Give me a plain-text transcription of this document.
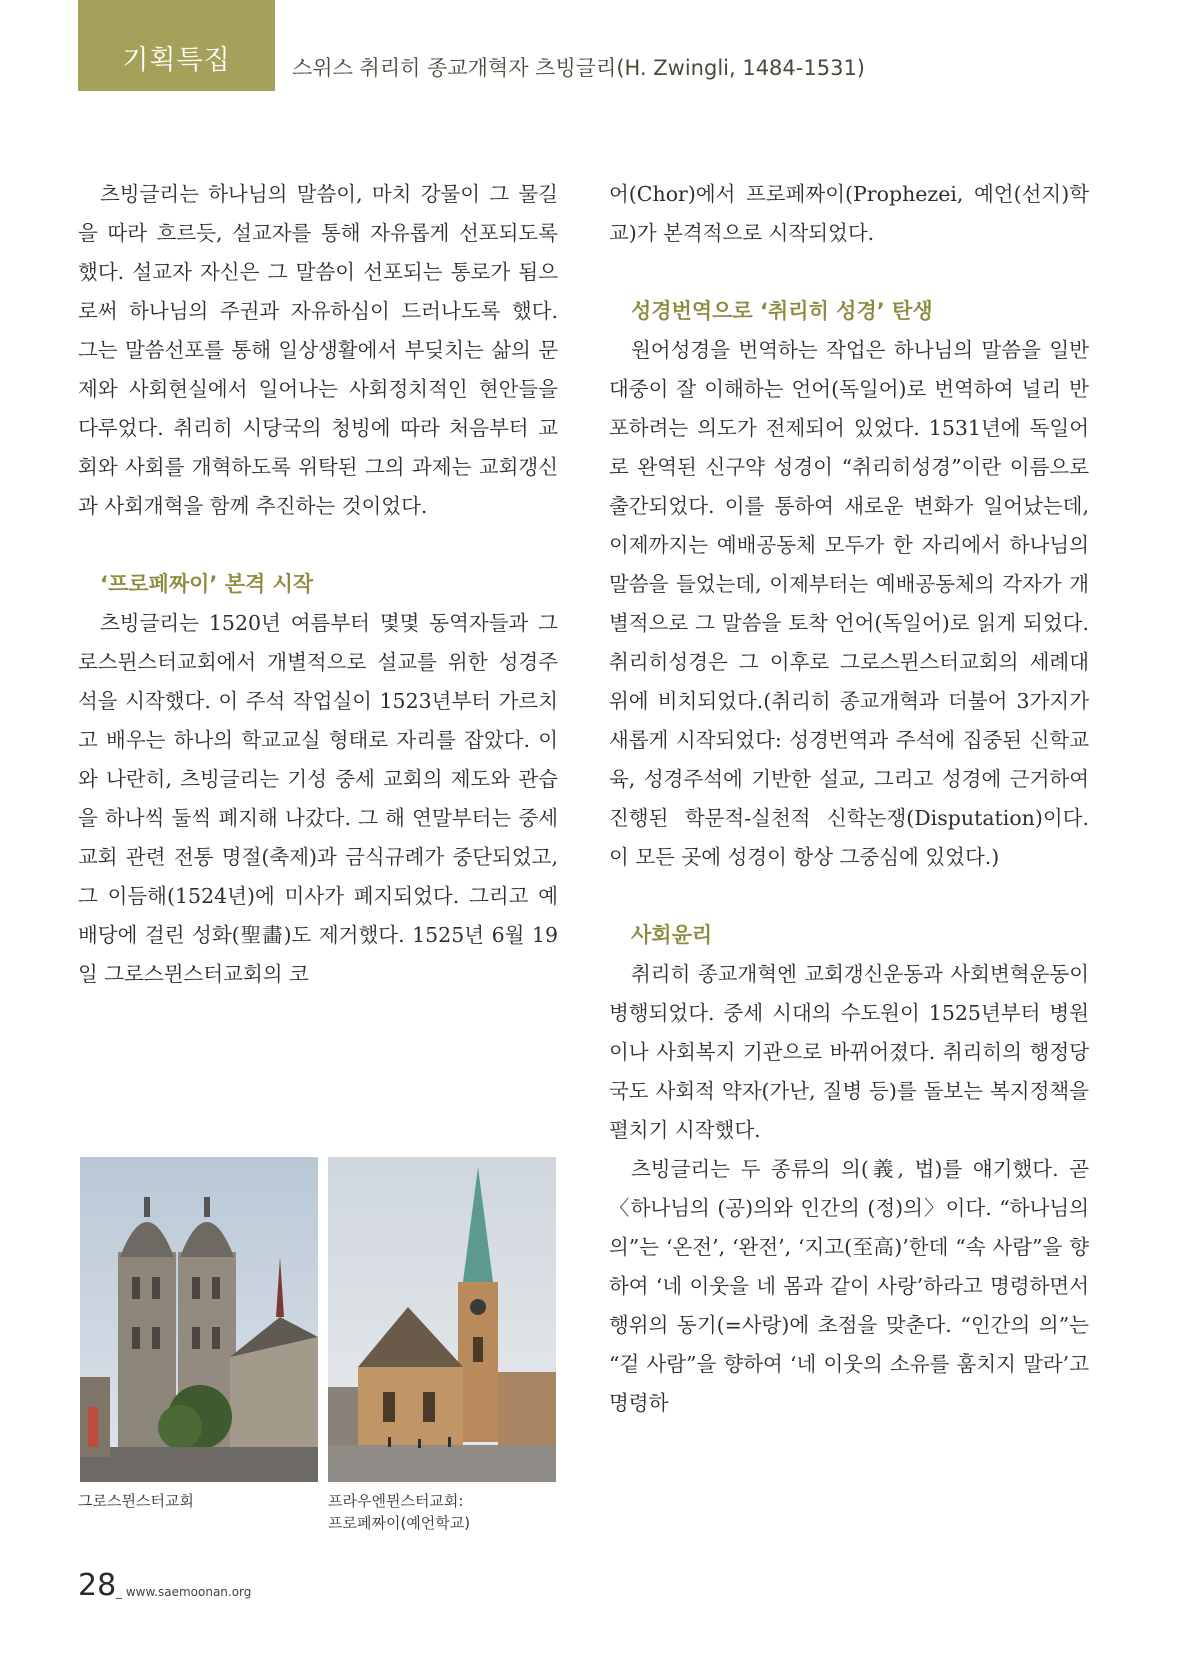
기획특집	스위스 취리히 종교개혁자 츠빙글리(H. Zwingli, 1484-1531)

츠빙글리는 하나님의 말씀이, 마치 강물이 그 물길을 따라 흐르듯, 설교자를 통해 자유롭게 선포되도록 했다. 설교자 자신은 그 말씀이 선포되는 통로가 됨으로써 하나님의 주권과 자유하심이 드러나도록 했다. 그는 말씀선포를 통해 일상생활에서 부딪치는 삶의 문제와 사회현실에서 일어나는 사회정치적인 현안들을 다루었다. 취리히 시당국의 청빙에 따라 처음부터 교회와 사회를 개혁하도록 위탁된 그의 과제는 교회갱신과 사회개혁을 함께 추진하는 것이었다.

‘프로페짜이’ 본격 시작

츠빙글리는 1520년 여름부터 몇몇 동역자들과 그로스뮌스터교회에서 개별적으로 설교를 위한 성경주석을 시작했다. 이 주석 작업실이 1523년부터 가르치고 배우는 하나의 학교교실 형태로 자리를 잡았다. 이와 나란히, 츠빙글리는 기성 중세 교회의 제도와 관습을 하나씩 둘씩 폐지해 나갔다. 그 해 연말부터는 중세교회 관련 전통 명절(축제)과 금식규례가 중단되었고, 그 이듬해(1524년)에 미사가 폐지되었다. 그리고 예배당에 걸린 성화(聖畵)도 제거했다. 1525년 6월 19일 그로스뮌스터교회의 코

어(Chor)에서 프로페짜이(Prophezei, 예언(선지)학교)가 본격적으로 시작되었다.

성경번역으로 ‘취리히 성경’ 탄생

원어성경을 번역하는 작업은 하나님의 말씀을 일반 대중이 잘 이해하는 언어(독일어)로 번역하여 널리 반포하려는 의도가 전제되어 있었다. 1531년에 독일어로 완역된 신구약 성경이 “취리히성경”이란 이름으로 출간되었다. 이를 통하여 새로운 변화가 일어났는데, 이제까지는 예배공동체 모두가 한 자리에서 하나님의 말씀을 들었는데, 이제부터는 예배공동체의 각자가 개별적으로 그 말씀을 토착 언어(독일어)로 읽게 되었다. 취리히성경은 그 이후로 그로스뮌스터교회의 세례대 위에 비치되었다.(취리히 종교개혁과 더불어 3가지가 새롭게 시작되었다: 성경번역과 주석에 집중된 신학교육, 성경주석에 기반한 설교, 그리고 성경에 근거하여 진행된 학문적-실천적 신학논쟁(Disputation)이다. 이 모든 곳에 성경이 항상 그중심에 있었다.)

사회윤리

취리히 종교개혁엔 교회갱신운동과 사회변혁운동이 병행되었다. 중세 시대의 수도원이 1525년부터 병원이나 사회복지 기관으로 바뀌어졌다. 취리히의 행정당국도 사회적 약자(가난, 질병 등)를 돌보는 복지정책을 펼치기 시작했다.

츠빙글리는 두 종류의 의(義, 법)를 얘기했다. 곧 〈하나님의 (공)의와 인간의 (정)의〉이다. “하나님의 의”는 ‘온전’, ‘완전’, ‘지고(至高)’한데 “속 사람”을 향하여 ‘네 이웃을 네 몸과 같이 사랑’하라고 명령하면서 행위의 동기(=사랑)에 초점을 맞춘다. “인간의 의”는 “겉 사람”을 향하여 ‘네 이웃의 소유를 훔치지 말라’고 명령하

그로스뮌스터교회	프라우엔뮌스터교회:
프로페짜이(예언학교)
28 _ www.saemoonan.org
